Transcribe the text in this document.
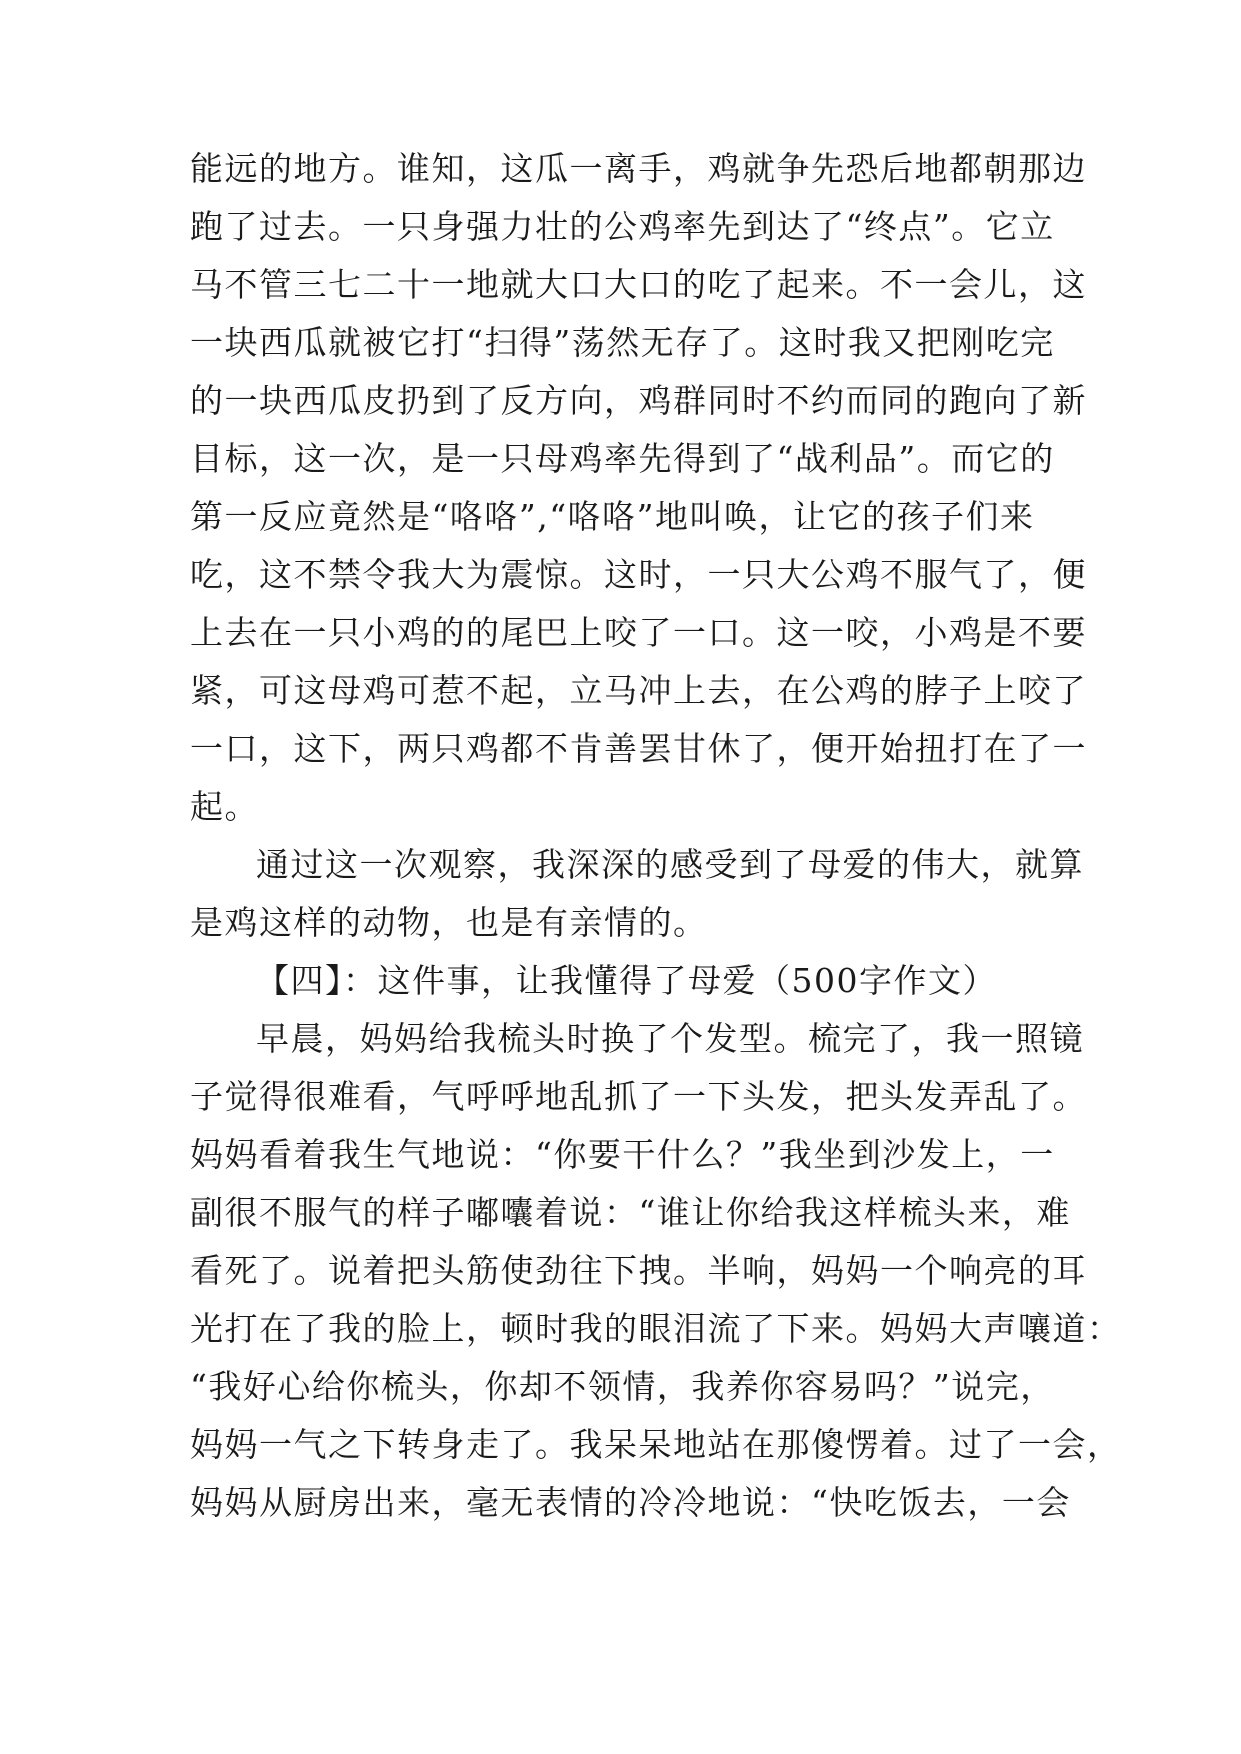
能远的地方。谁知，这瓜一离手，鸡就争先恐后地都朝那边
跑了过去。一只身强力壮的公鸡率先到达了“终点”。它立
马不管三七二十一地就大口大口的吃了起来。不一会儿，这
一块西瓜就被它打“扫得”荡然无存了。这时我又把刚吃完
的一块西瓜皮扔到了反方向，鸡群同时不约而同的跑向了新
目标，这一次，是一只母鸡率先得到了“战利品”。而它的
第一反应竟然是“咯咯”,“咯咯”地叫唤，让它的孩子们来
吃，这不禁令我大为震惊。这时，一只大公鸡不服气了，便
上去在一只小鸡的的尾巴上咬了一口。这一咬，小鸡是不要
紧，可这母鸡可惹不起，立马冲上去，在公鸡的脖子上咬了
一口，这下，两只鸡都不肯善罢甘休了，便开始扭打在了一
起。
通过这一次观察，我深深的感受到了母爱的伟大，就算
是鸡这样的动物，也是有亲情的。
【四】：这件事，让我懂得了母爱（500字作文）
早晨，妈妈给我梳头时换了个发型。梳完了，我一照镜
子觉得很难看，气呼呼地乱抓了一下头发，把头发弄乱了。
妈妈看着我生气地说：“你要干什么？”我坐到沙发上，一
副很不服气的样子嘟囔着说：“谁让你给我这样梳头来，难
看死了。说着把头筋使劲往下拽。半响，妈妈一个响亮的耳
光打在了我的脸上，顿时我的眼泪流了下来。妈妈大声嚷道：
“我好心给你梳头，你却不领情，我养你容易吗？”说完，
妈妈一气之下转身走了。我呆呆地站在那傻愣着。过了一会，
妈妈从厨房出来，毫无表情的冷冷地说：“快吃饭去，一会
